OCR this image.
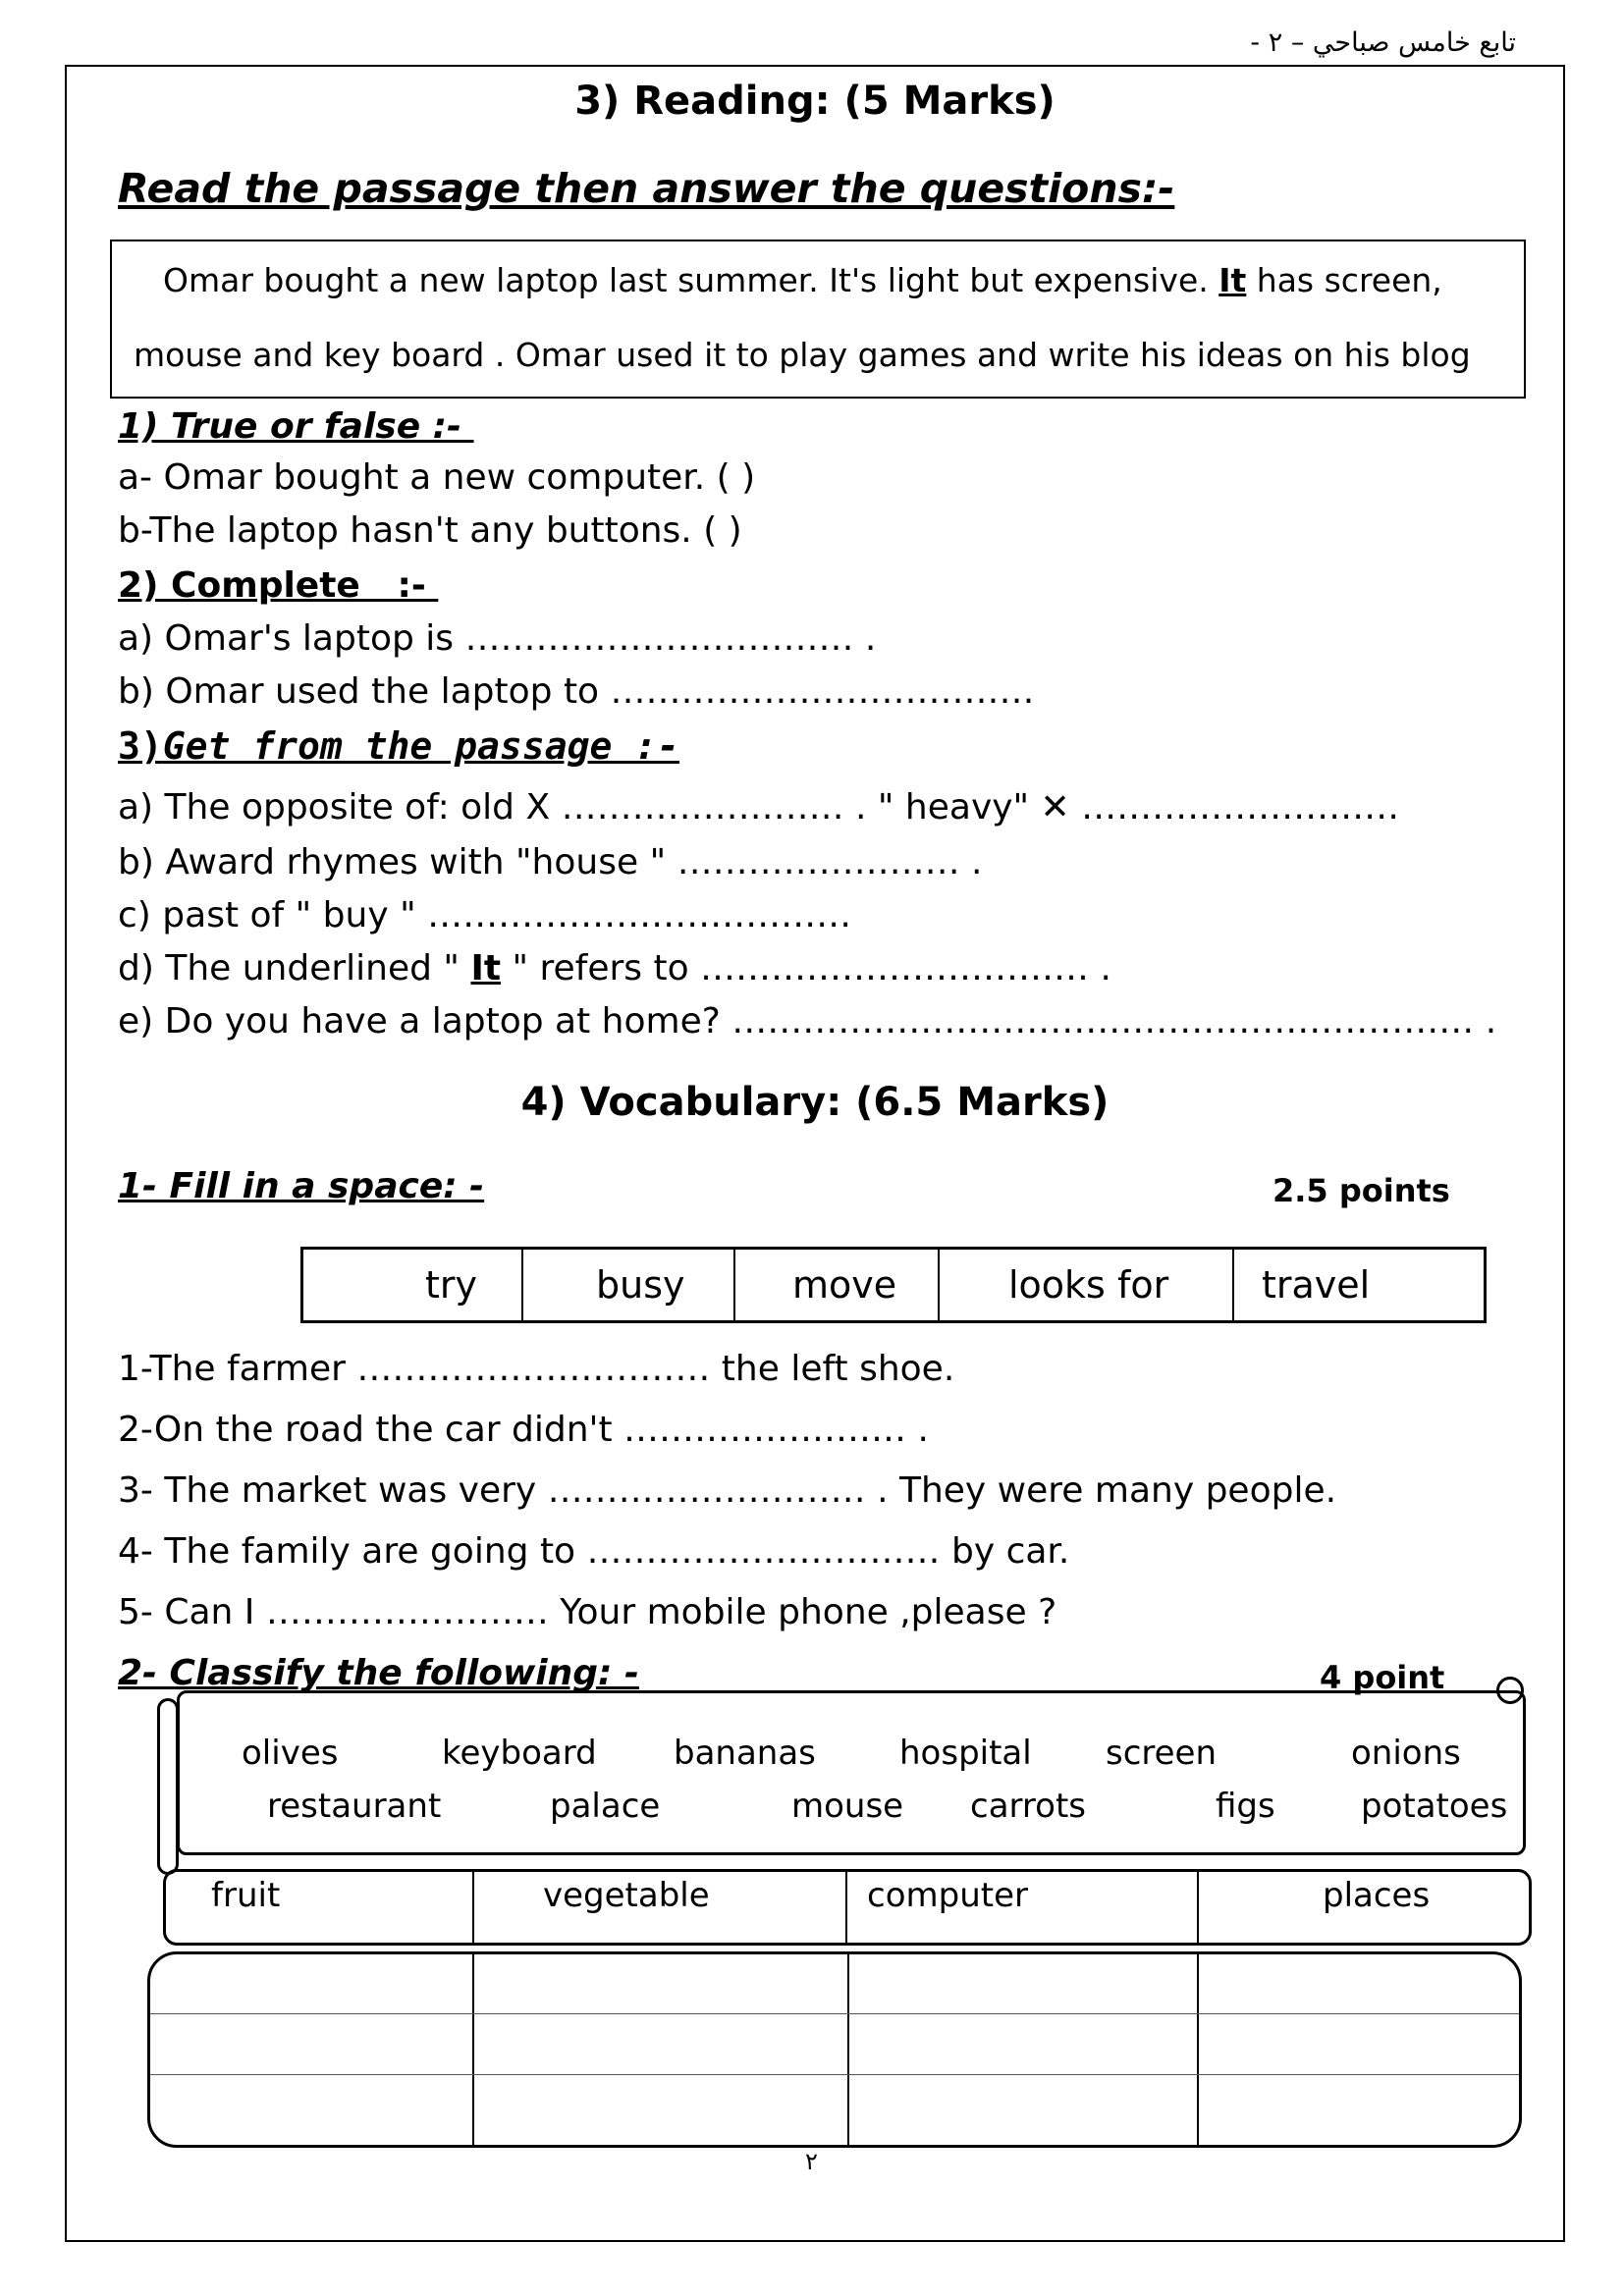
تابع خامس صباحي – ٢ -
3) Reading: (5 Marks)
Read the passage then answer the questions:-
Omar bought a new laptop last summer. It's light but expensive. It has screen,
mouse and key board . Omar used it to play games and write his ideas on his blog
1) True or false :-
a- Omar bought a new computer. ( )
b-The laptop hasn't any buttons. ( )
2) Complete   :-
a) Omar's laptop is …………………………… .
b) Omar used the laptop to ………………………………
3)Get from the passage :-
a) The opposite of: old X …………………… . " heavy" ✕ ………………………
b) Award rhymes with "house " …………………… .
c) past of " buy " ………………………………
d) The underlined " It " refers to …………………………… .
e) Do you have a laptop at home? ……………………………………………………… .
4) Vocabulary: (6.5 Marks)
1- Fill in a space: -	2.5 points
try	busy	move	looks for	travel
1-The farmer ………………………… the left shoe.
2-On the road the car didn't …………………… .
3- The market was very ……………………… . They were many people.
4- The family are going to ………………………… by car.
5- Can I …………………… Your mobile phone ,please ?
2- Classify the following: -	4 point
olives	keyboard bananas	hospital screen	onions
restaurant	palace	mouse carrots	figs	potatoes
fruit	vegetable	computer	places
٢
